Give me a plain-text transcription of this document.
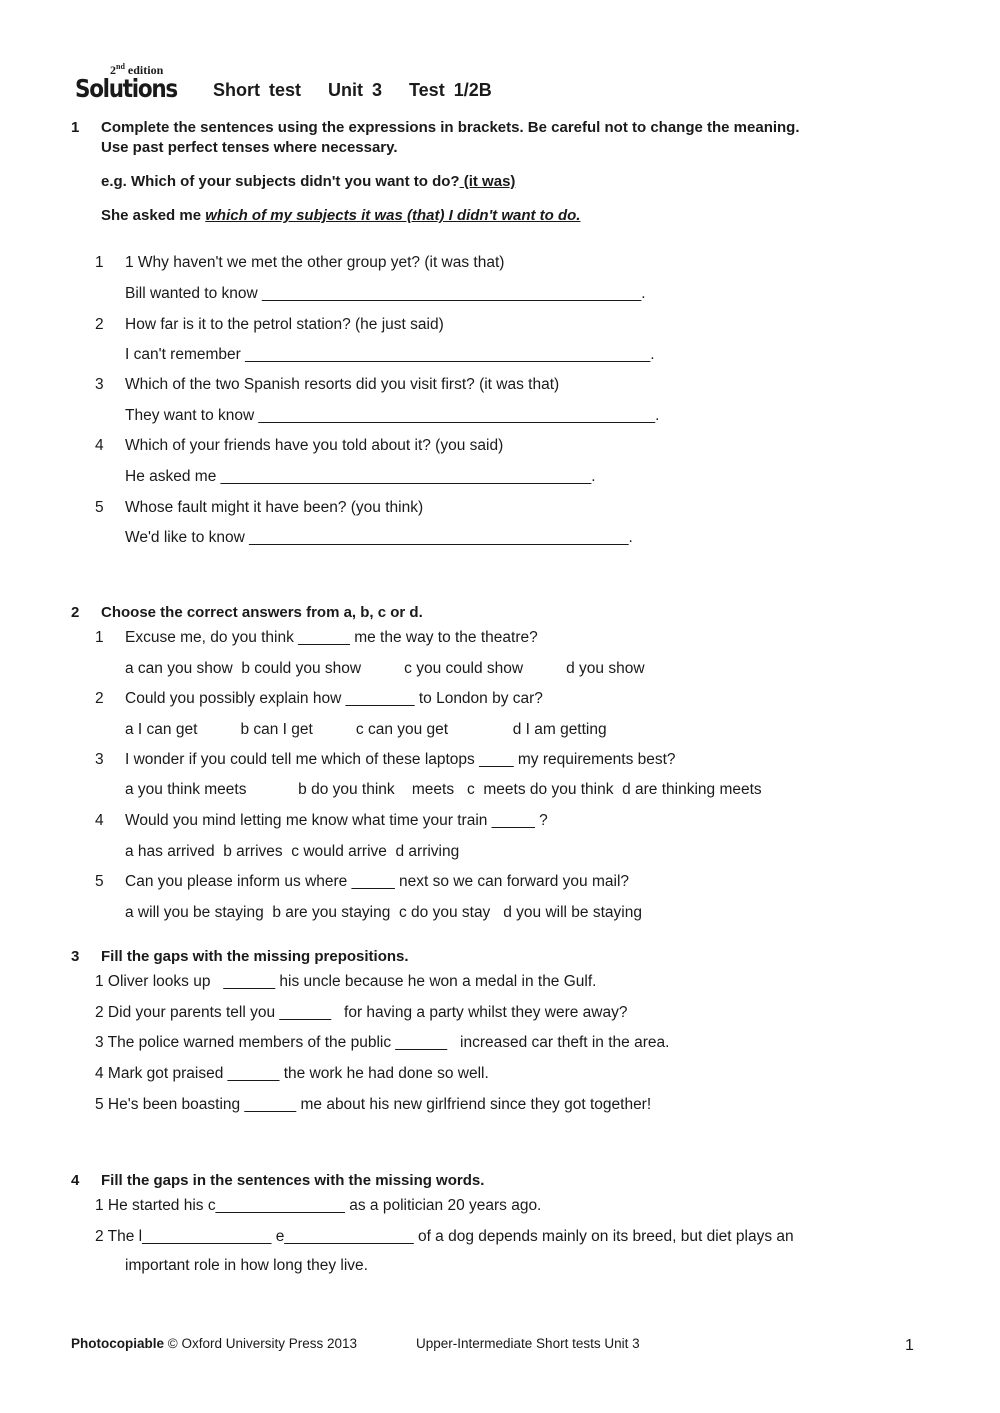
2nd edition
Solutions Short test   Unit 3   Test 1/2B
1 Complete the sentences using the expressions in brackets. Be careful not to change the meaning.
Use past perfect tenses where necessary.
e.g. Which of your subjects didn't you want to do? (it was)
She asked me which of my subjects it was (that) I didn't want to do.
1 1 Why haven't we met the other group yet? (it was that)
Bill wanted to know ____________________________________________.
2 How far is it to the petrol station? (he just said)
I can't remember _______________________________________________.
3 Which of the two Spanish resorts did you visit first? (it was that)
They want to know ______________________________________________.
4 Which of your friends have you told about it? (you said)
He asked me ___________________________________________.
5 Whose fault might it have been? (you think)
We'd like to know ____________________________________________.
2 Choose the correct answers from a, b, c or d.
1 Excuse me, do you think ______ me the way to the theatre?
a can you show  b could you show          c you could show          d you show
2 Could you possibly explain how ________ to London by car?
a I can get          b can I get          c can you get               d I am getting
3 I wonder if you could tell me which of these laptops ____ my requirements best?
a you think meets            b do you think    meets   c  meets do you think  d are thinking meets
4 Would you mind letting me know what time your train _____ ?
a has arrived  b arrives  c would arrive  d arriving
5 Can you please inform us where _____ next so we can forward you mail?
a will you be staying  b are you staying  c do you stay   d you will be staying
3 Fill the gaps with the missing prepositions.
1 Oliver looks up   ______ his uncle because he won a medal in the Gulf.
2 Did your parents tell you ______   for having a party whilst they were away?
3 The police warned members of the public ______   increased car theft in the area.
4 Mark got praised ______ the work he had done so well.
5 He's been boasting ______ me about his new girlfriend since they got together!
4 Fill the gaps in the sentences with the missing words.
1 He started his c_______________ as a politician 20 years ago.
2 The l_______________ e_______________ of a dog depends mainly on its breed, but diet plays an
important role in how long they live.
Photocopiable © Oxford University Press 2013	Upper-Intermediate Short tests Unit 3	1
